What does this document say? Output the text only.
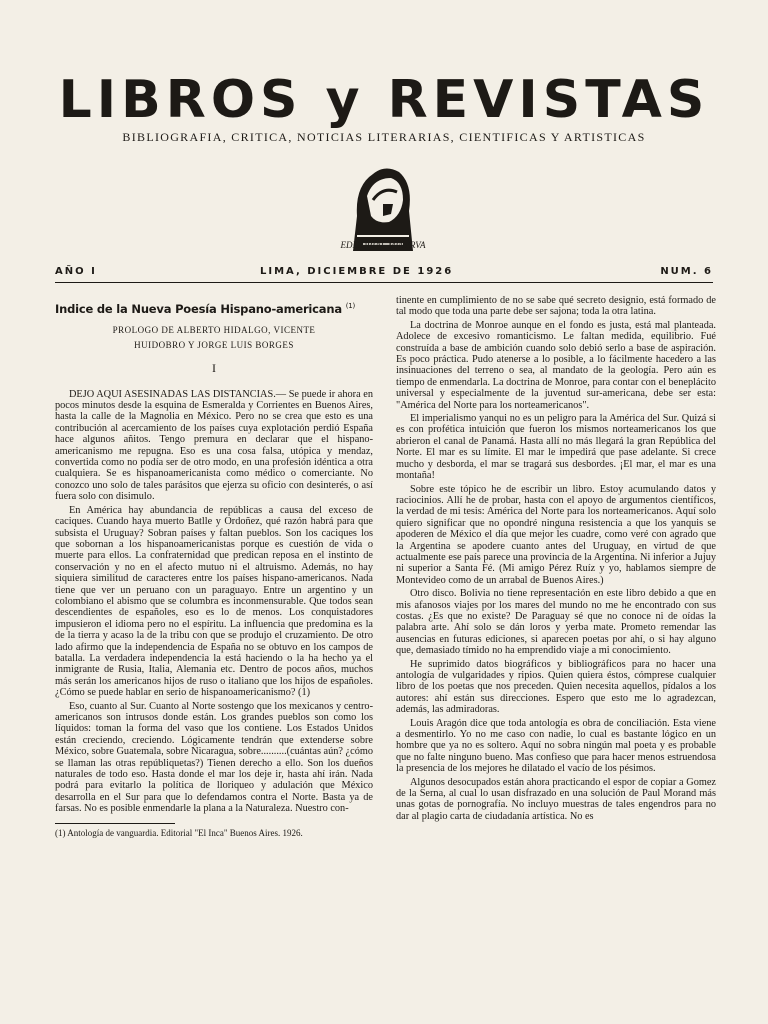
LIBROS y REVISTAS
BIBLIOGRAFIA, CRITICA, NOTICIAS LITERARIAS, CIENTIFICAS Y ARTISTICAS
EDITORIAL MINERVA
AÑO I	LIMA, DICIEMBRE DE 1926	NUM. 6
Indice de la Nueva Poesía Hispano-americana $^{(1)}$
PROLOGO DE ALBERTO HIDALGO, VICENTE
HUIDOBRO Y JORGE LUIS BORGES
I

DEJO AQUI ASESINADAS LAS DISTANCIAS.— Se puede ir ahora en pocos minutos desde la esquina de Esmeralda y Corrientes en Buenos Aires, hasta la calle de la Magnolia en México. Pero no se crea que esto es una contribución al acercamiento de los países cuya explotación perdió España hace algunos añitos. Tengo premura en declarar que el hispano-americanismo me repugna. Eso es una cosa falsa, utópica y mendaz, convertida como no podía ser de otro modo, en una profesión idéntica a otra cualquiera. Se es hispanoamericanista como médico o comerciante. No conozco uno solo de tales parásitos que ejerza su oficio con desinterés, o así fuera solo con disimulo.

En América hay abundancia de repúblicas a causa del exceso de caciques. Cuando haya muerto Batlle y Ordoñez, qué razón habrá para que subsista el Uruguay? Sobran países y faltan pueblos. Son los caciques los que sobornan a los hispanoamericanistas porque es cuestión de vida o muerte para ellos. La confraternidad que predican reposa en el instinto de conservación y no en el afecto mutuo ni el altruismo. Además, no hay siquiera similitud de caracteres entre los países hispano-americanos. Nada tiene que ver un peruano con un paraguayo. Entre un argentino y un colombiano el abismo que se columbra es inconmensurable. Que todos sean descendientes de españoles, eso es lo de menos. Los conquistadores impusieron el idioma pero no el espíritu. La influencia que predomina es la de la tierra y acaso la de la tribu con que se produjo el cruzamiento. De otro lado afirmo que la independencia de España no se obtuvo en los campos de batalla. La verdadera independencia la está haciendo o la ha hecho ya el inmigrante de Rusia, Italia, Alemania etc. Dentro de pocos años, muchos más serán los americanos hijos de ruso o italiano que los hijos de españoles. ¿Cómo se puede hablar en serio de hispanoamericanismo? (1)

Eso, cuanto al Sur. Cuanto al Norte sostengo que los mexicanos y centro-americanos son intrusos donde están. Los grandes pueblos son como los líquidos: toman la forma del vaso que los contiene. Los Estados Unidos están creciendo, creciendo. Lógicamente tendrán que extenderse sobre México, sobre Guatemala, sobre Nicaragua, sobre..........(cuántas aún? ¿cómo se llaman las otras repúbliquetas?) Tienen derecho a ello. Son los dueños naturales de todo eso. Hasta donde el mar los deje ir, hasta ahí irán. Nada podrá para evitarlo la política de lloriqueo y adulación que México desarrolla en el Sur para que lo defendamos contra el Norte. Basta ya de farsas. No es posible enmendarle la plana a la Naturaleza. Nuestro con-

(1) Antología de vanguardia. Editorial "El Inca" Buenos Aires. 1926.

tinente en cumplimiento de no se sabe qué secreto designio, está formado de tal modo que toda una parte debe ser sajona; toda la otra latina.

La doctrina de Monroe aunque en el fondo es justa, está mal planteada. Adolece de excesivo romanticismo. Le faltan medida, equilibrio. Fué construída a base de ambición cuando solo debió serlo a base de aspiración. Es poco práctica. Pudo atenerse a lo posible, a lo fácilmente hacedero a las insinuaciones del terreno o sea, al mandato de la geología. Pero aún es tiempo de enmendarla. La doctrina de Monroe, para contar con el beneplácito universal y especialmente de la juventud sur-americana, debe ser esta: "América del Norte para los norteamericanos".

El imperialismo yanqui no es un peligro para la América del Sur. Quizá si es con profética intuición que fueron los mismos norteamericanos los que abrieron el canal de Panamá. Hasta allí no más llegará la gran República del Norte. El mar es su límite. El mar le impedirá que pase adelante. Si crece mucho y desborda, el mar se tragará sus desbordes. ¡El mar, el mar es una montaña!

Sobre este tópico he de escribir un libro. Estoy acumulando datos y raciocinios. Allí he de probar, hasta con el apoyo de argumentos científicos, la verdad de mi tesis: América del Norte para los norteamericanos. Aquí solo quiero significar que no opondré ninguna resistencia a que los yanquis se apoderen de México el día que mejor les cuadre, como veré con agrado que la Argentina se apodere cuanto antes del Uruguay, en virtud de que actualmente ese país parece una provincia de la Argentina. Ni inferior a Jujuy ni superior a Santa Fé. (Mi amigo Pérez Ruíz y yo, hablamos siempre de Montevideo como de un arrabal de Buenos Aires.)

Otro disco. Bolivia no tiene representación en este libro debido a que en mis afanosos viajes por los mares del mundo no me he encontrado con sus costas. ¿Es que no existe? De Paraguay sé que no conoce ni de oídas la palabra arte. Ahí solo se dán loros y yerba mate. Prometo remendar las ausencias en futuras ediciones, si aparecen poetas por ahí, o si hay alguno que, demasiado tímido no ha emprendido viaje a mi conocimiento.

He suprimido datos biográficos y bibliográficos para no hacer una antología de vulgaridades y ripios. Quien quiera éstos, cómprese cualquier libro de los poetas que nos preceden. Quien necesita aquellos, pídalos a los autores: ahí están sus direcciones. Espero que esto me lo agradezcan, además, las admiradoras.

Louis Aragón dice que toda antología es obra de conciliación. Esta viene a desmentirlo. Yo no me caso con nadie, lo cual es bastante lógico en un hombre que ya no es soltero. Aquí no sobra ningún mal poeta y es probable que no falte ninguno bueno. Mas confieso que para hacer menos estruendosa la presencia de los mejores he dilatado el vacío de los pésimos.

Algunos desocupados están ahora practicando el espor de copiar a Gomez de la Serna, al cual lo usan disfrazado en una solución de Paul Morand más unas gotas de pornografía. No incluyo muestras de tales engendros para no dar al plagio carta de ciudadanía artística. No es
